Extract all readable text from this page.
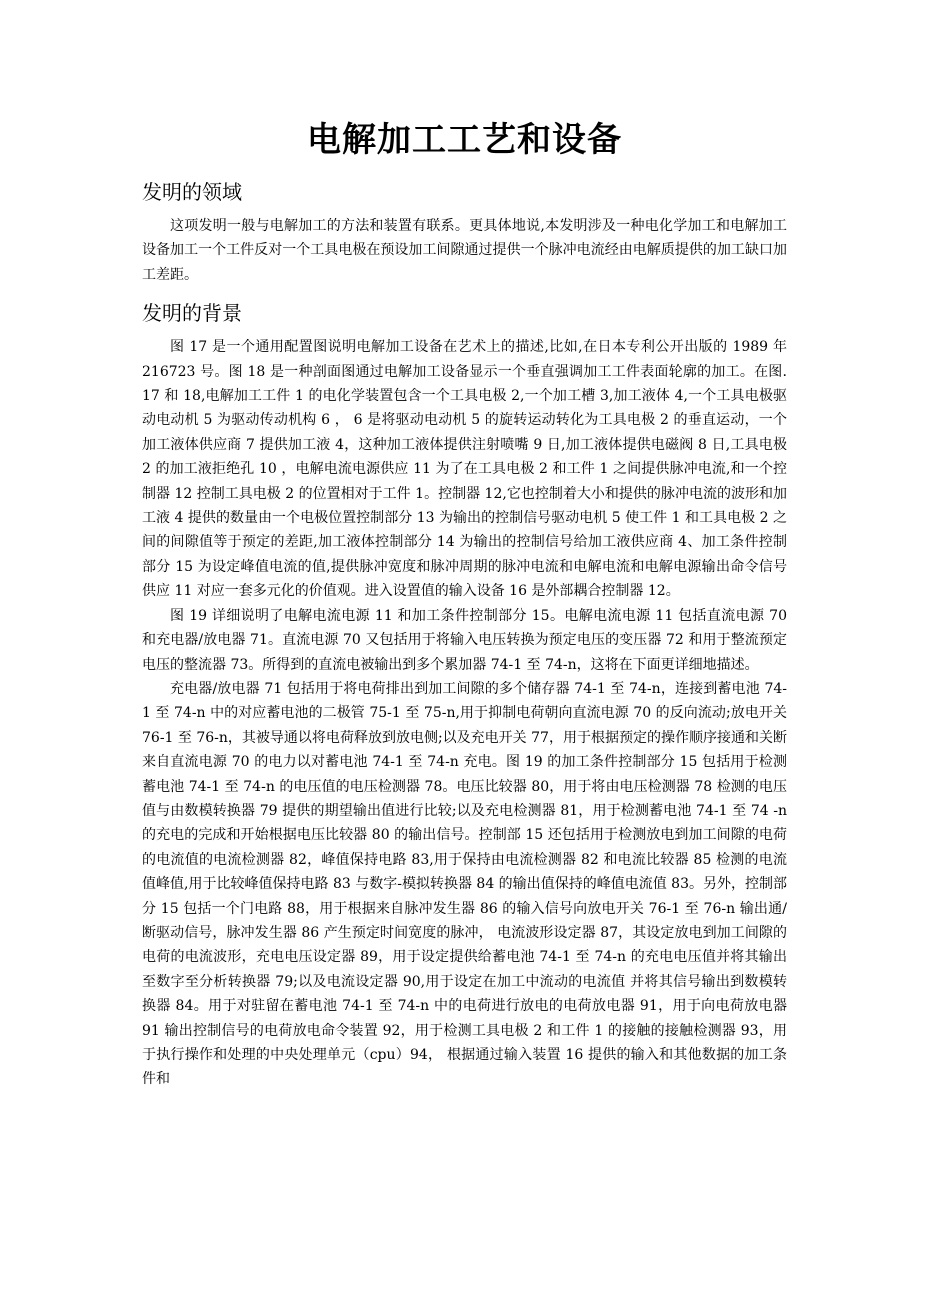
电解加工工艺和设备
发明的领域

这项发明一般与电解加工的方法和装置有联系。更具体地说,本发明涉及一种电化学加工和电解加工设备加工一个工件反对一个工具电极在预设加工间隙通过提供一个脉冲电流经由电解质提供的加工缺口加工差距。

发明的背景

图 17 是一个通用配置图说明电解加工设备在艺术上的描述,比如,在日本专利公开出版的 1989 年 216723 号。图 18 是一种剖面图通过电解加工设备显示一个垂直强调加工工件表面轮廓的加工。在图. 17 和 18,电解加工工件 1 的电化学装置包含一个工具电极 2,一个加工槽 3,加工液体 4,一个工具电极驱动电动机 5 为驱动传动机构 6 ， 6 是将驱动电动机 5 的旋转运动转化为工具电极 2 的垂直运动，一个加工液体供应商 7 提供加工液 4，这种加工液体提供注射喷嘴 9 日,加工液体提供电磁阀 8 日,工具电极 2 的加工液拒绝孔 10 ，电解电流电源供应 11 为了在工具电极 2 和工件 1 之间提供脉冲电流,和一个控制器 12 控制工具电极 2 的位置相对于工件 1。控制器 12,它也控制着大小和提供的脉冲电流的波形和加工液 4 提供的数量由一个电极位置控制部分 13 为输出的控制信号驱动电机 5 使工件 1 和工具电极 2 之间的间隙值等于预定的差距,加工液体控制部分 14 为输出的控制信号给加工液供应商 4、加工条件控制部分 15 为设定峰值电流的值,提供脉冲宽度和脉冲周期的脉冲电流和电解电流和电解电源输出命令信号供应 11 对应一套多元化的价值观。进入设置值的输入设备 16 是外部耦合控制器 12。

图 19 详细说明了电解电流电源 11 和加工条件控制部分 15。电解电流电源 11 包括直流电源 70 和充电器/放电器 71。直流电源 70 又包括用于将输入电压转换为预定电压的变压器 72 和用于整流预定电压的整流器 73。所得到的直流电被输出到多个累加器 74-1 至 74-n，这将在下面更详细地描述。

充电器/放电器 71 包括用于将电荷排出到加工间隙的多个储存器 74-1 至 74-n，连接到蓄电池 74-1 至 74-n 中的对应蓄电池的二极管 75-1 至 75-n,用于抑制电荷朝向直流电源 70 的反向流动;放电开关 76-1 至 76-n，其被导通以将电荷释放到放电侧;以及充电开关 77，用于根据预定的操作顺序接通和关断来自直流电源 70 的电力以对蓄电池 74-1 至 74-n 充电。图 19 的加工条件控制部分 15 包括用于检测蓄电池 74-1 至 74-n 的电压值的电压检测器 78。电压比较器 80，用于将由电压检测器 78 检测的电压值与由数模转换器 79 提供的期望输出值进行比较;以及充电检测器 81，用于检测蓄电池 74-1 至 74 -n 的充电的完成和开始根据电压比较器 80 的输出信号。控制部 15 还包括用于检测放电到加工间隙的电荷的电流值的电流检测器 82，峰值保持电路 83,用于保持由电流检测器 82 和电流比较器 85 检测的电流值峰值,用于比较峰值保持电路 83 与数字-模拟转换器 84 的输出值保持的峰值电流值 83。另外，控制部分 15 包括一个门电路 88，用于根据来自脉冲发生器 86 的输入信号向放电开关 76-1 至 76-n 输出通/断驱动信号，脉冲发生器 86 产生预定时间宽度的脉冲， 电流波形设定器 87，其设定放电到加工间隙的电荷的电流波形，充电电压设定器 89，用于设定提供给蓄电池 74-1 至 74-n 的充电电压值并将其输出至数字至分析转换器 79;以及电流设定器 90,用于设定在加工中流动的电流值 并将其信号输出到数模转换器 84。用于对驻留在蓄电池 74-1 至 74-n 中的电荷进行放电的电荷放电器 91，用于向电荷放电器 91 输出控制信号的电荷放电命令装置 92，用于检测工具电极 2 和工件 1 的接触的接触检测器 93，用于执行操作和处理的中央处理单元（cpu）94， 根据通过输入装置 16 提供的输入和其他数据的加工条件和
